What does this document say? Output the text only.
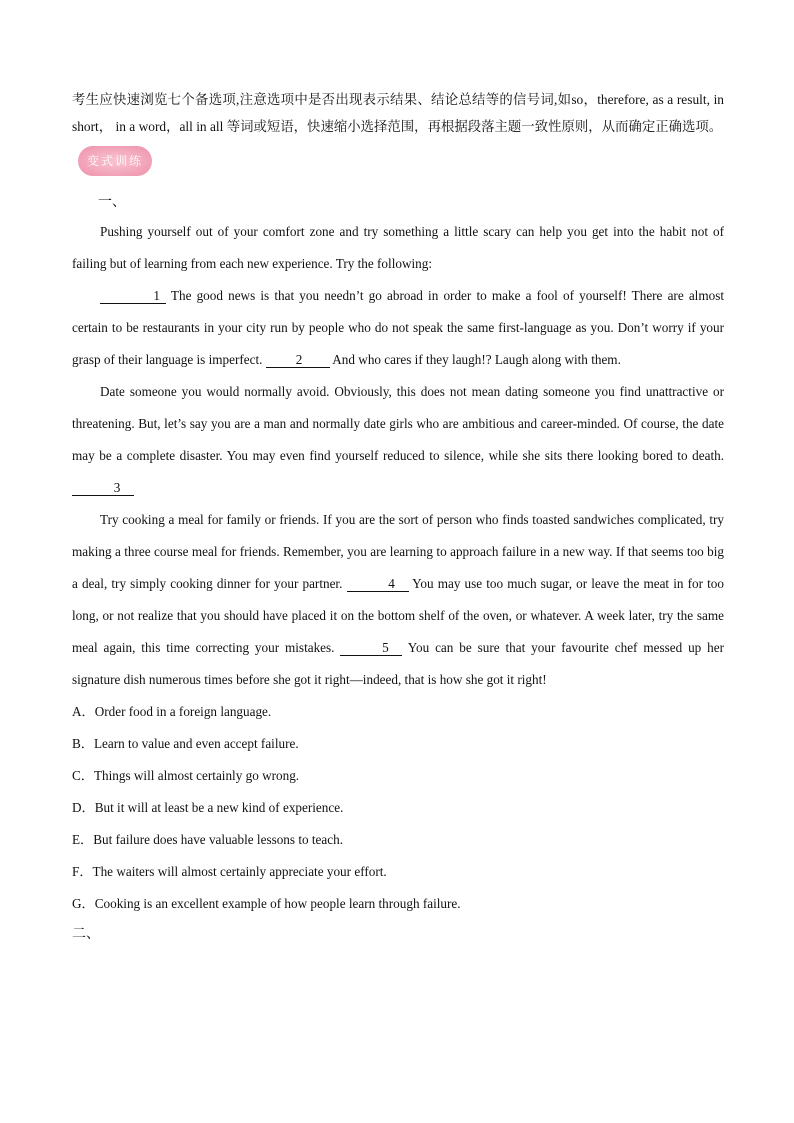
考生应快速浏览七个备选项,注意选项中是否出现表示结果、结论总结等的信号词,如so，therefore, as a result, in short， in a word，all in all 等词或短语，快速缩小选择范围，再根据段落主题一致性原则，从而确定正确选项。

变式训练
一、

Pushing yourself out of your comfort zone and try something a little scary can help you get into the habit not of failing but of learning from each new experience. Try the following:

1 The good news is that you needn’t go abroad in order to make a fool of yourself! There are almost certain to be restaurants in your city run by people who do not speak the same first-language as you. Don’t worry if your grasp of their language is imperfect. 2 And who cares if they laugh!? Laugh along with them.

Date someone you would normally avoid. Obviously, this does not mean dating someone you find unattractive or threatening. But, let’s say you are a man and normally date girls who are ambitious and career-minded. Of course, the date may be a complete disaster. You may even find yourself reduced to silence, while she sits there looking bored to death. 3

Try cooking a meal for family or friends. If you are the sort of person who finds toasted sandwiches complicated, try making a three course meal for friends. Remember, you are learning to approach failure in a new way. If that seems too big a deal, try simply cooking dinner for your partner.	4 You may use too much sugar, or leave the meat in for too long, or not realize that you should have placed it on the bottom shelf of the oven, or whatever. A week later, try the same meal again, this time correcting your mistakes.	5 You can be sure that your favourite chef messed up her signature dish numerous times before she got it right—indeed, that is how she got it right!

A．Order food in a foreign language.

B．Learn to value and even accept failure.

C．Things will almost certainly go wrong.

D．But it will at least be a new kind of experience.

E．But failure does have valuable lessons to teach.

F．The waiters will almost certainly appreciate your effort.

G．Cooking is an excellent example of how people learn through failure.

二、
